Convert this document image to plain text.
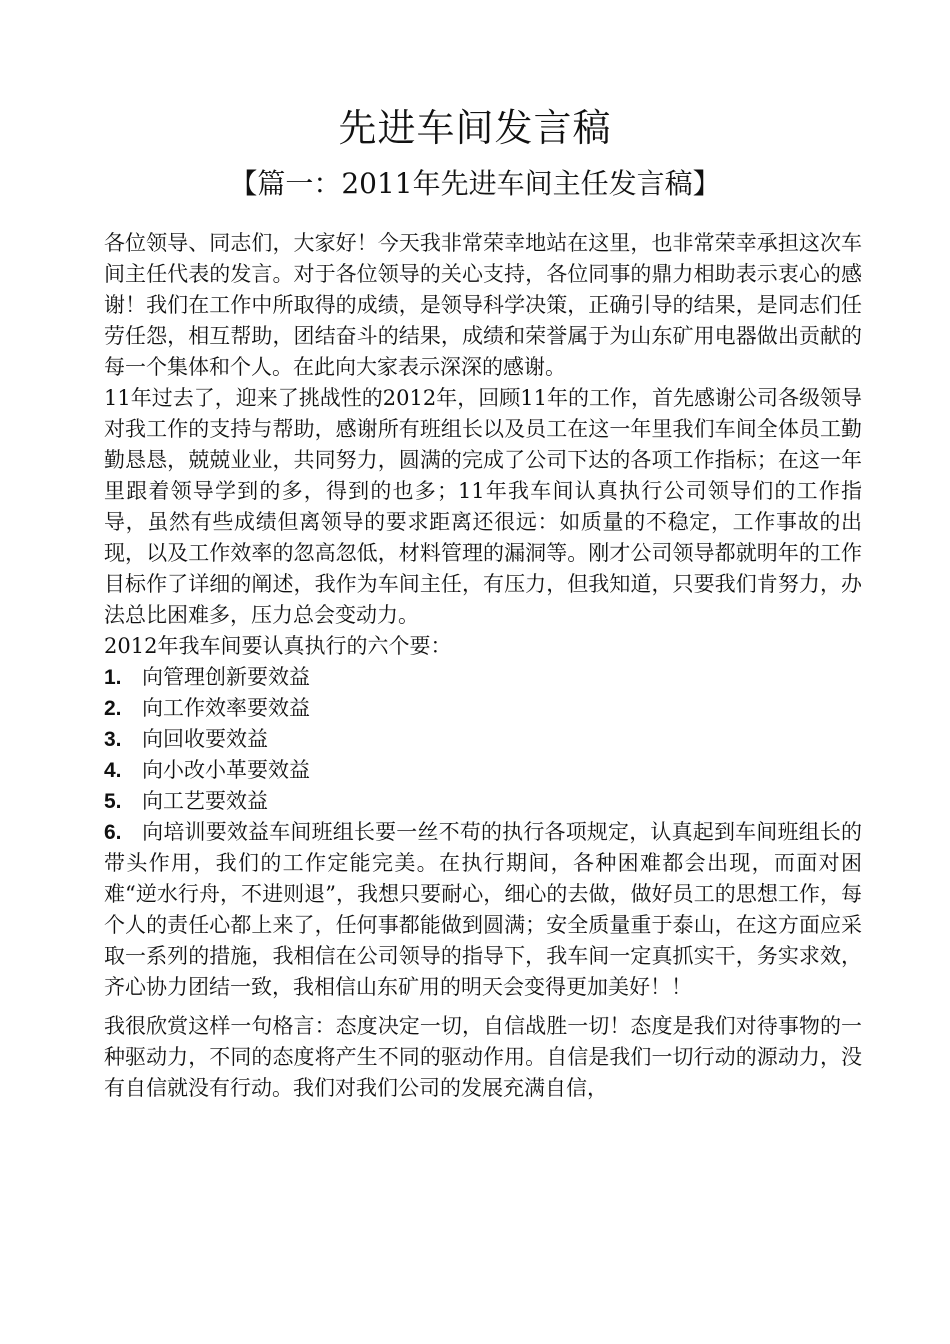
先进车间发言稿
【篇一：2011年先进车间主任发言稿】

各位领导、同志们，大家好！今天我非常荣幸地站在这里，也非常荣幸承担这次车间主任代表的发言。对于各位领导的关心支持，各位同事的鼎力相助表示衷心的感谢！我们在工作中所取得的成绩，是领导科学决策，正确引导的结果，是同志们任劳任怨，相互帮助，团结奋斗的结果，成绩和荣誉属于为山东矿用电器做出贡献的每一个集体和个人。在此向大家表示深深的感谢。

11年过去了，迎来了挑战性的2012年，回顾11年的工作，首先感谢公司各级领导对我工作的支持与帮助，感谢所有班组长以及员工在这一年里我们车间全体员工勤勤恳恳，兢兢业业，共同努力，圆满的完成了公司下达的各项工作指标；在这一年里跟着领导学到的多，得到的也多；11年我车间认真执行公司领导们的工作指导，虽然有些成绩但离领导的要求距离还很远：如质量的不稳定，工作事故的出现，以及工作效率的忽高忽低，材料管理的漏洞等。刚才公司领导都就明年的工作目标作了详细的阐述，我作为车间主任，有压力，但我知道，只要我们肯努力，办法总比困难多，压力总会变动力。

2012年我车间要认真执行的六个要：

1. 向管理创新要效益

2. 向工作效率要效益

3. 向回收要效益

4. 向小改小革要效益

5. 向工艺要效益

6. 向培训要效益车间班组长要一丝不苟的执行各项规定，认真起到车间班组长的带头作用，我们的工作定能完美。在执行期间，各种困难都会出现，而面对困难“逆水行舟，不进则退”，我想只要耐心，细心的去做，做好员工的思想工作，每个人的责任心都上来了，任何事都能做到圆满；安全质量重于泰山，在这方面应采取一系列的措施，我相信在公司领导的指导下，我车间一定真抓实干，务实求效，齐心协力团结一致，我相信山东矿用的明天会变得更加美好！！

我很欣赏这样一句格言：态度决定一切，自信战胜一切！态度是我们对待事物的一种驱动力，不同的态度将产生不同的驱动作用。自信是我们一切行动的源动力，没有自信就没有行动。我们对我们公司的发展充满自信，
